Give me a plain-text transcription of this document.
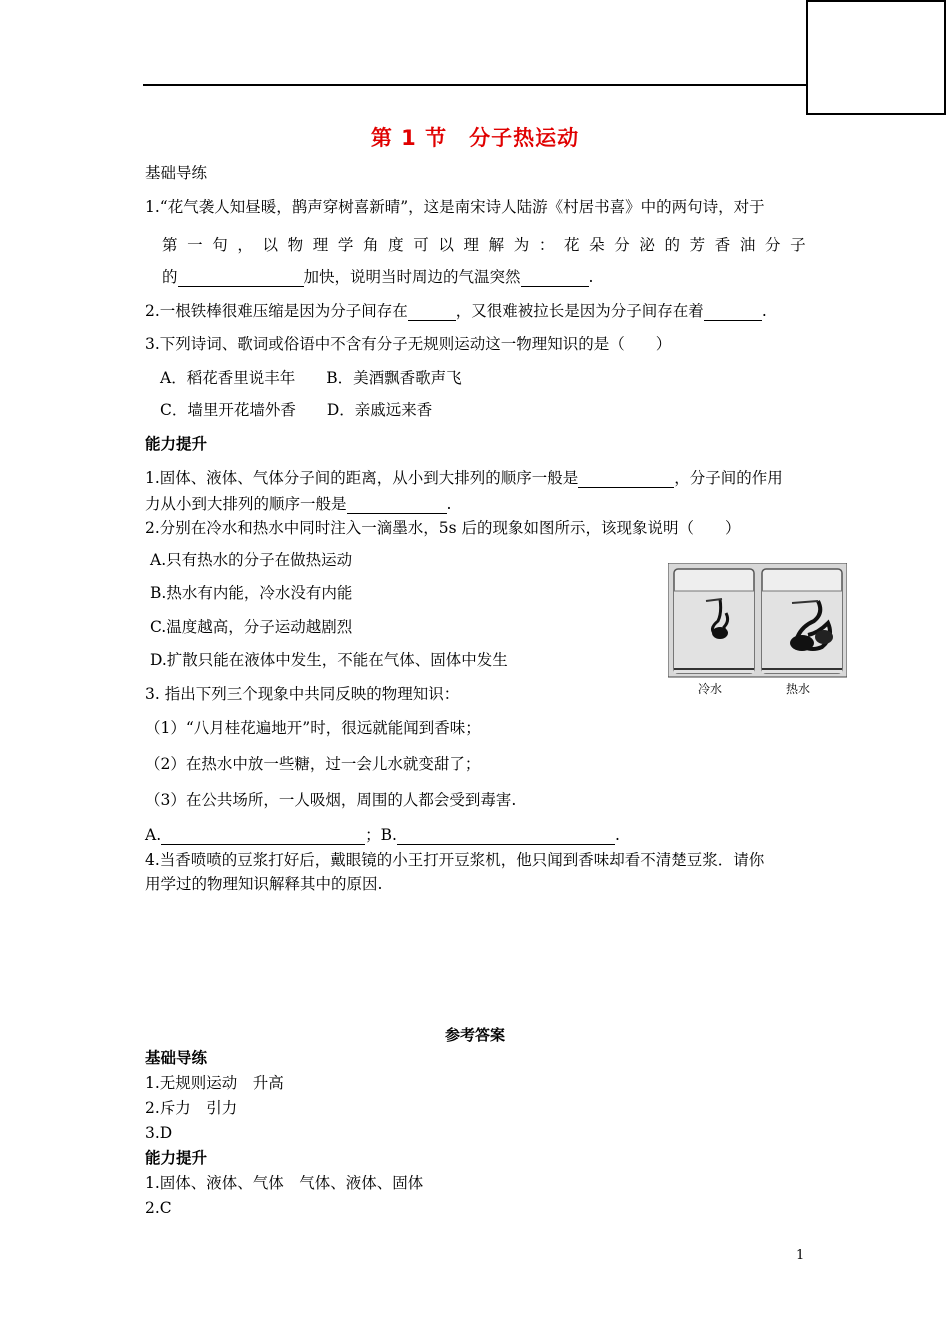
第 1 节　分子热运动
基础导练
1.“花气袭人知昼暖，鹊声穿树喜新晴”，这是南宋诗人陆游《村居书喜》中的两句诗，对于
第 一 句 ， 以 物 理 学 角 度 可 以 理 解 为 ： 花 朵 分 泌 的 芳 香 油 分 子
的	加快，说明当时周边的气温突然	.
2.一根铁棒很难压缩是因为分子间存在	，又很难被拉长是因为分子间存在着	.
3.下列诗词、歌词或俗语中不含有分子无规则运动这一物理知识的是（　　）
A．稻花香里说丰年　　B．美酒飘香歌声飞
C．墙里开花墙外香　　D．亲戚远来香
能力提升
1.固体、液体、气体分子间的距离，从小到大排列的顺序一般是	，分子间的作用
力从小到大排列的顺序一般是	.
2.分别在冷水和热水中同时注入一滴墨水，5s 后的现象如图所示，该现象说明（　　）
A.只有热水的分子在做热运动
B.热水有内能，冷水没有内能
C.温度越高，分子运动越剧烈
D.扩散只能在液体中发生，不能在气体、固体中发生
冷水	热水
3. 指出下列三个现象中共同反映的物理知识：
（1）“八月桂花遍地开”时，很远就能闻到香味；
（2）在热水中放一些糖，过一会儿水就变甜了；
（3）在公共场所，一人吸烟，周围的人都会受到毒害.
A.	；B.	.
4.当香喷喷的豆浆打好后，戴眼镜的小王打开豆浆机，他只闻到香味却看不清楚豆浆．请你
用学过的物理知识解释其中的原因.
参考答案
基础导练
1.无规则运动　升高
2.斥力　引力
3.D
能力提升
1.固体、液体、气体　气体、液体、固体
2.C
1
